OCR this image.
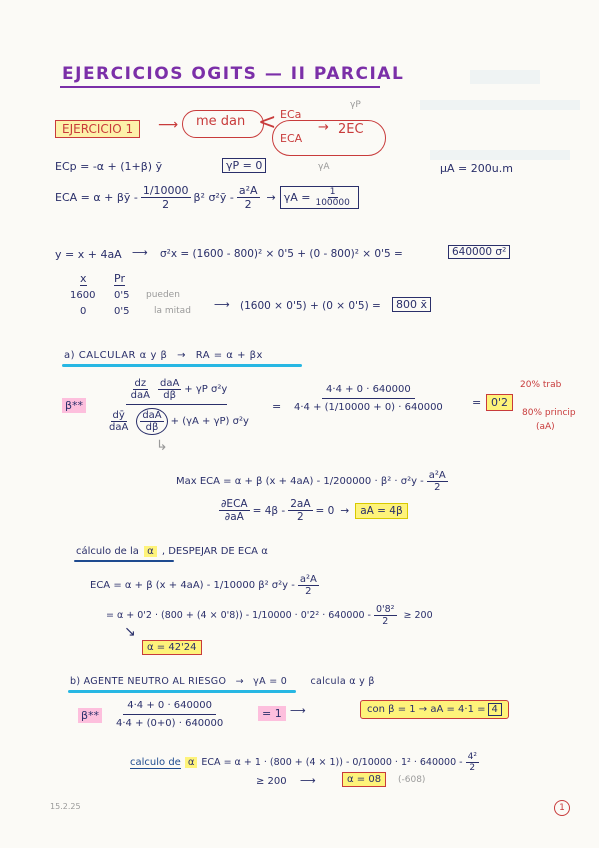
EJERCICIOS OGITS — II PARCIAL
EJERCICIO 1	⟶ me dan < ECa
ECA
→ 2EC
γP
γA
ECp = -α + (1+β) ȳ	γP = 0	μA = 200u.m
ECA = α + βȳ - $\frac{1/10000}{2} \beta^2$ σ²ȳ - $\frac{\text{a²A}}{2} \to \gamma A = \frac{1}{100000}$
y = x + 4aA ⟶ σ²x = (1600 - 800)² × 0'5 + (0 - 800)² × 0'5 =	640000 σ²
x Pr
1600 0'5
0	0'5
pueden
la mitad ⟶ (1600 × 0'5) + (0 × 0'5) =	800 x̄
a) CALCULAR α y β → RA = α + βx
β**
$\frac{dz}{\text{daA}} \frac{\text{daA}}{d\beta} + \gamma P$ σ²y
$\frac{dȳ}{\text{daA}} \frac{\text{daA}}{d\beta} + (\gamma A + \gamma P)$ σ²y
= $\frac{4\cdot 4 + 0 \cdot 640000}{4\cdot 4 + (1/10000 + 0) \cdot 640000} = 0'2$
20% trab
80% princip
(aA)
↳
Max ECA = α + β $(x + 4aA) - 1/200000 \cdot \beta^2 \cdot \sigma^2y - \frac{\text{a²A}}{2}$
$\frac{\text{∂ECA}}{\partial aA} = 4\beta - \frac{2aA}{2} = 0$ →	aA = 4β
cálculo de la α , DESPEJAR DE ECA α
ECA = α + β (x + 4aA) - 1/10000 β² $\sigma^2y - \frac{\text{a²A}}{2}$
= $\alpha + 0'2 \cdot (800 + (4 \times 0'8)) - 1/10000 \cdot 0'2^2 \cdot 640000 - \frac{\text{0'8²}}{2} \ge 200$
↘
α = 42'24
b) AGENTE NEUTRO AL RIESGO → γA = 0 calcula α y β
β**	$\frac{4\cdot 4 + 0 \cdot 640000}{4\cdot 4 + (0+0) \cdot 640000}$	= 1 ⟶	con β = 1 → aA = 4·1 = 4
calculo de α ECA = $\alpha + 1 \cdot (800 + (4 \times 1)) - 0/10000 \cdot 1^2 \cdot 640000 - \frac{\text{4²}}{2}$
≥ 200 ⟶	α = 08	(-608)
15.2.25	1
